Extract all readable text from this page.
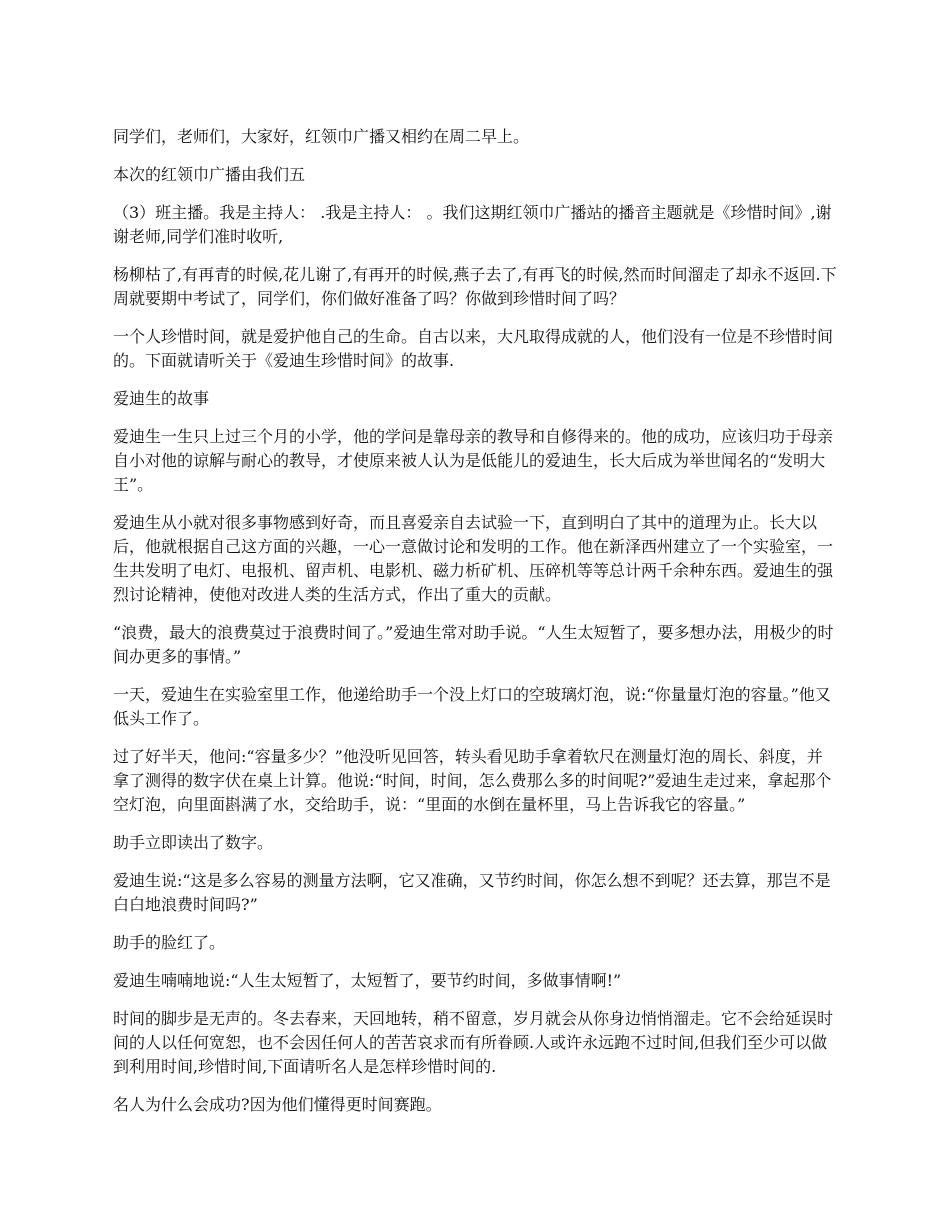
同学们，老师们，大家好，红领巾广播又相约在周二早上。

本次的红领巾广播由我们五

（3）班主播。我是主持人： .我是主持人： 。我们这期红领巾广播站的播音主题就是《珍惜时间》,谢谢老师,同学们准时收听,

杨柳枯了,有再青的时候,花儿谢了,有再开的时候,燕子去了,有再飞的时候,然而时间溜走了却永不返回.下周就要期中考试了，同学们，你们做好准备了吗？你做到珍惜时间了吗？

一个人珍惜时间，就是爱护他自己的生命。自古以来，大凡取得成就的人，他们没有一位是不珍惜时间的。下面就请听关于《爱迪生珍惜时间》的故事.

爱迪生的故事

爱迪生一生只上过三个月的小学，他的学问是靠母亲的教导和自修得来的。他的成功，应该归功于母亲自小对他的谅解与耐心的教导，才使原来被人认为是低能儿的爱迪生，长大后成为举世闻名的“发明大王”。

爱迪生从小就对很多事物感到好奇，而且喜爱亲自去试验一下，直到明白了其中的道理为止。长大以后，他就根据自己这方面的兴趣，一心一意做讨论和发明的工作。他在新泽西州建立了一个实验室，一生共发明了电灯、电报机、留声机、电影机、磁力析矿机、压碎机等等总计两千余种东西。爱迪生的强烈讨论精神，使他对改进人类的生活方式，作出了重大的贡献。

“浪费，最大的浪费莫过于浪费时间了。”爱迪生常对助手说。“人生太短暂了，要多想办法，用极少的时间办更多的事情。”

一天，爱迪生在实验室里工作，他递给助手一个没上灯口的空玻璃灯泡，说:“你量量灯泡的容量。”他又低头工作了。

过了好半天，他问:“容量多少？”他没听见回答，转头看见助手拿着软尺在测量灯泡的周长、斜度，并拿了测得的数字伏在桌上计算。他说:“时间，时间，怎么费那么多的时间呢?”爱迪生走过来，拿起那个空灯泡，向里面斟满了水，交给助手，说：“里面的水倒在量杯里，马上告诉我它的容量。”

助手立即读出了数字。

爱迪生说:“这是多么容易的测量方法啊，它又准确，又节约时间，你怎么想不到呢？还去算，那岂不是白白地浪费时间吗?”

助手的脸红了。

爱迪生喃喃地说:“人生太短暂了，太短暂了，要节约时间，多做事情啊!”

时间的脚步是无声的。冬去春来，天回地转，稍不留意，岁月就会从你身边悄悄溜走。它不会给延误时间的人以任何宽恕，也不会因任何人的苦苦哀求而有所眷顾.人或许永远跑不过时间,但我们至少可以做到利用时间,珍惜时间,下面请听名人是怎样珍惜时间的.

名人为什么会成功?因为他们懂得更时间赛跑。
